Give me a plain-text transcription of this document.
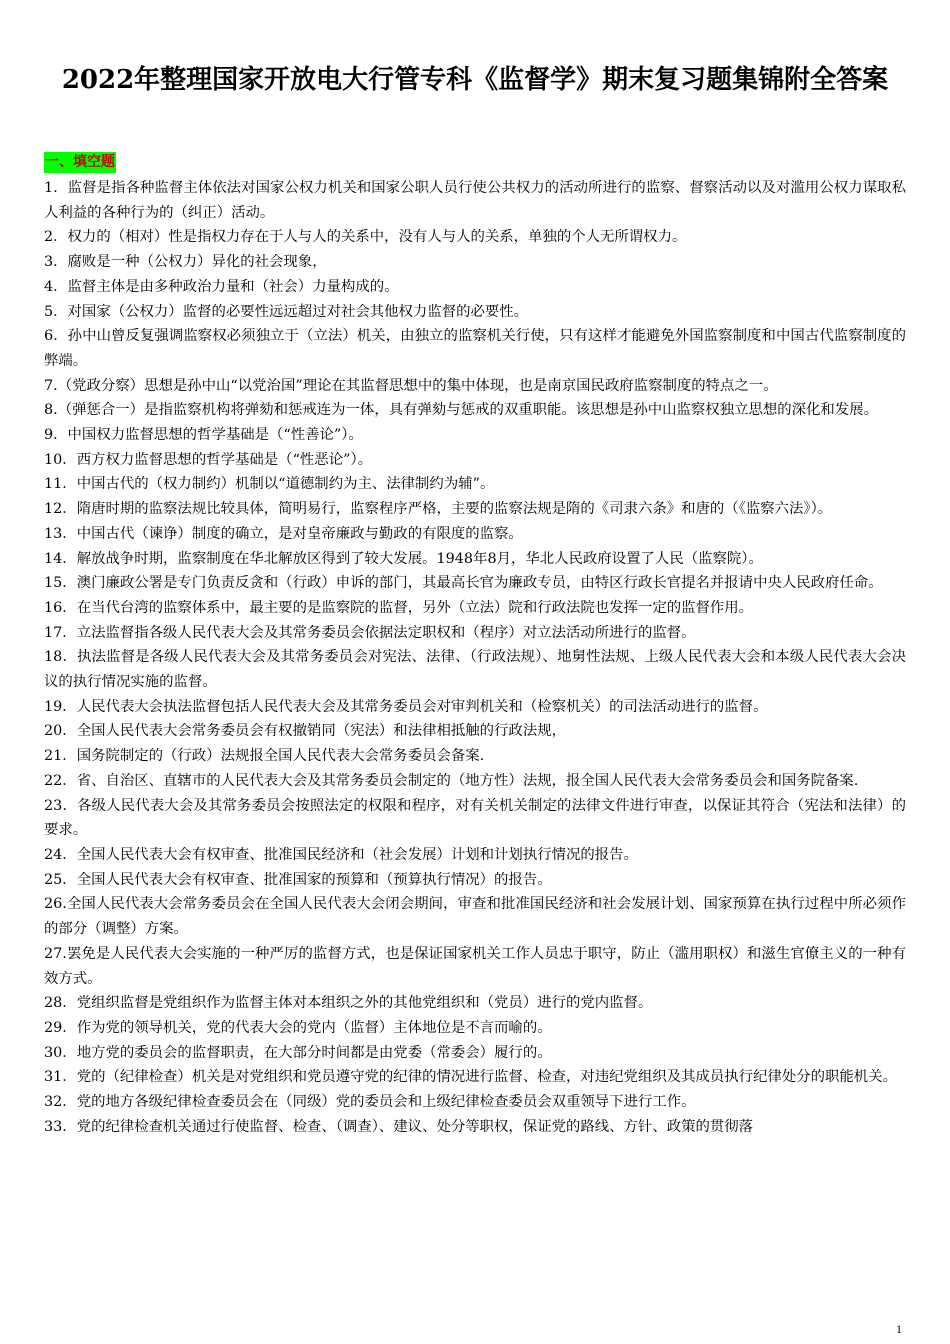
2022年整理国家开放电大行管专科《监督学》期末复习题集锦附全答案
一、填空题

1．监督是指各种监督主体依法对国家公权力机关和国家公职人员行使公共权力的活动所进行的监察、督察活动以及对滥用公权力谋取私人利益的各种行为的（纠正）活动。

2．权力的（相对）性是指权力存在于人与人的关系中，没有人与人的关系，单独的个人无所谓权力。

3．腐败是一种（公权力）异化的社会现象，

4．监督主体是由多种政治力量和（社会）力量构成的。

5．对国家（公权力）监督的必要性远远超过对社会其他权力监督的必要性。

6．孙中山曾反复强调监察权必须独立于（立法）机关，由独立的监察机关行使，只有这样才能避免外国监察制度和中国古代监察制度的弊端。

7.（党政分察）思想是孙中山“以党治国”理论在其监督思想中的集中体现，也是南京国民政府监察制度的特点之一。

8.（弹惩合一）是指监察机构将弹劾和惩戒连为一体，具有弹劾与惩戒的双重职能。该思想是孙中山监察权独立思想的深化和发展。

9．中国权力监督思想的哲学基础是（“性善论”）。

10．西方权力监督思想的哲学基础是（“性恶论”）。

11．中国古代的（权力制约）机制以“道德制约为主、法律制约为辅”。

12．隋唐时期的监察法规比较具体，简明易行，监察程序严格，主要的监察法规是隋的《司隶六条》和唐的（《监察六法》）。

13．中国古代（谏诤）制度的确立，是对皇帝廉政与勤政的有限度的监察。

14．解放战争时期，监察制度在华北解放区得到了较大发展。1948年8月，华北人民政府设置了人民（监察院）。

15．澳门廉政公署是专门负责反贪和（行政）申诉的部门，其最高长官为廉政专员，由特区行政长官提名并报请中央人民政府任命。

16．在当代台湾的监察体系中，最主要的是监察院的监督，另外（立法）院和行政法院也发挥一定的监督作用。

17．立法监督指各级人民代表大会及其常务委员会依据法定职权和（程序）对立法活动所进行的监督。

18．执法监督是各级人民代表大会及其常务委员会对宪法、法律、（行政法规）、地舅性法规、上级人民代表大会和本级人民代表大会决议的执行情况实施的监督。

19．人民代表大会执法监督包括人民代表大会及其常务委员会对审判机关和（检察机关）的司法活动进行的监督。

20．全国人民代表大会常务委员会有权撤销同（宪法）和法律相抵触的行政法规，

21．国务院制定的（行政）法规报全国人民代表大会常务委员会备案.

22．省、自治区、直辖市的人民代表大会及其常务委员会制定的（地方性）法规，报全国人民代表大会常务委员会和国务院备案.

23．各级人民代表大会及其常务委员会按照法定的权限和程序，对有关机关制定的法律文件进行审查，以保证其符合（宪法和法律）的要求。

24．全国人民代表大会有权审查、批准国民经济和（社会发展）计划和计划执行情况的报告。

25．全国人民代表大会有权审查、批准国家的预算和（预算执行情况）的报告。

26.全国人民代表大会常务委员会在全国人民代表大会闭会期间，审查和批准国民经济和社会发展计划、国家预算在执行过程中所必须作的部分（调整）方案。

27.罢免是人民代表大会实施的一种严厉的监督方式，也是保证国家机关工作人员忠于职守，防止（滥用职权）和滋生官僚主义的一种有效方式。

28．党组织监督是党组织作为监督主体对本组织之外的其他党组织和（党员）进行的党内监督。

29．作为党的领导机关，党的代表大会的党内（监督）主体地位是不言而喻的。

30．地方党的委员会的监督职责，在大部分时间都是由党委（常委会）履行的。

31．党的（纪律检查）机关是对党组织和党员遵守党的纪律的情况进行监督、检查，对违纪党组织及其成员执行纪律处分的职能机关。

32．党的地方各级纪律检查委员会在（同级）党的委员会和上级纪律检查委员会双重领导下进行工作。

33．党的纪律检查机关通过行使监督、检查、（调查）、建议、处分等职权，保证党的路线、方针、政策的贯彻落

1
